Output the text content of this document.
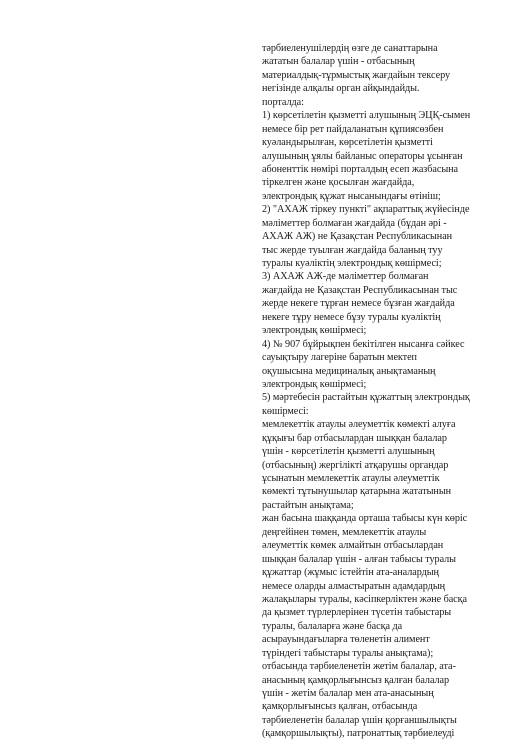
тәрбиеленушілердің өзге де санаттарына
жататын балалар үшін - отбасының
материалдық-тұрмыстық жағдайын тексеру
негізінде алқалы орган айқындайды.
порталда:
1) көрсетілетін қызметті алушының ЭЦҚ-сымен
немесе бір рет пайдаланатын құпиясөзбен
куәландырылған, көрсетілетін қызметті
алушының ұялы байланыс операторы ұсынған
абоненттік нөмірі порталдың есеп жазбасына
тіркелген және қосылған жағдайда,
электрондық құжат нысанындағы өтініш;
2) "АХАЖ тіркеу пункті" ақпараттық жүйесінде
мәліметтер болмаған жағдайда (бұдан әрі -
АХАЖ АЖ) не Қазақстан Республикасынан
тыс жерде туылған жағдайда баланың туу
туралы куәліктің электрондық көшірмесі;
3) АХАЖ АЖ-де мәліметтер болмаған
жағдайда не Қазақстан Республикасынан тыс
жерде некеге тұрған немесе бұзған жағдайда
некеге тұру немесе бұзу туралы куәліктің
электрондық көшірмесі;
4) № 907 бұйрықпен бекітілген нысанға сәйкес
сауықтыру лагеріне баратын мектеп
оқушысына медициналық анықтаманың
электрондық көшірмесі;
5) мәртебесін растайтын құжаттың электрондық
көшірмесі:
мемлекеттік атаулы әлеуметтік көмекті алуға
құқығы бар отбасылардан шыққан балалар
үшін - көрсетілетін қызметті алушының
(отбасының) жергілікті атқарушы органдар
ұсынатын мемлекеттік атаулы әлеуметтік
көмекті тұтынушылар қатарына жататынын
растайтын анықтама;
жан басына шаққанда орташа табысы күн көріс
деңгейінен төмен, мемлекеттік атаулы
әлеуметтік көмек алмайтын отбасылардан
шыққан балалар үшін - алған табысы туралы
құжаттар (жұмыс істейтін ата-аналардың
немесе оларды алмастыратын адамдардың
жалақылары туралы, кәсіпкерліктен және басқа
да қызмет түрлерлерінен түсетін табыстары
туралы, балаларға және басқа да
асырауындағыларға төленетін алимент
түріндегі табыстары туралы анықтама);
отбасында тәрбиеленетін жетім балалар, ата-
анасының қамқорлығынсыз қалған балалар
үшін - жетім балалар мен ата-анасының
қамқорлығынсыз қалған, отбасында
тәрбиеленетін балалар үшін қорғаншылықты
(қамқоршылықты), патронаттық тәрбиелеуді
